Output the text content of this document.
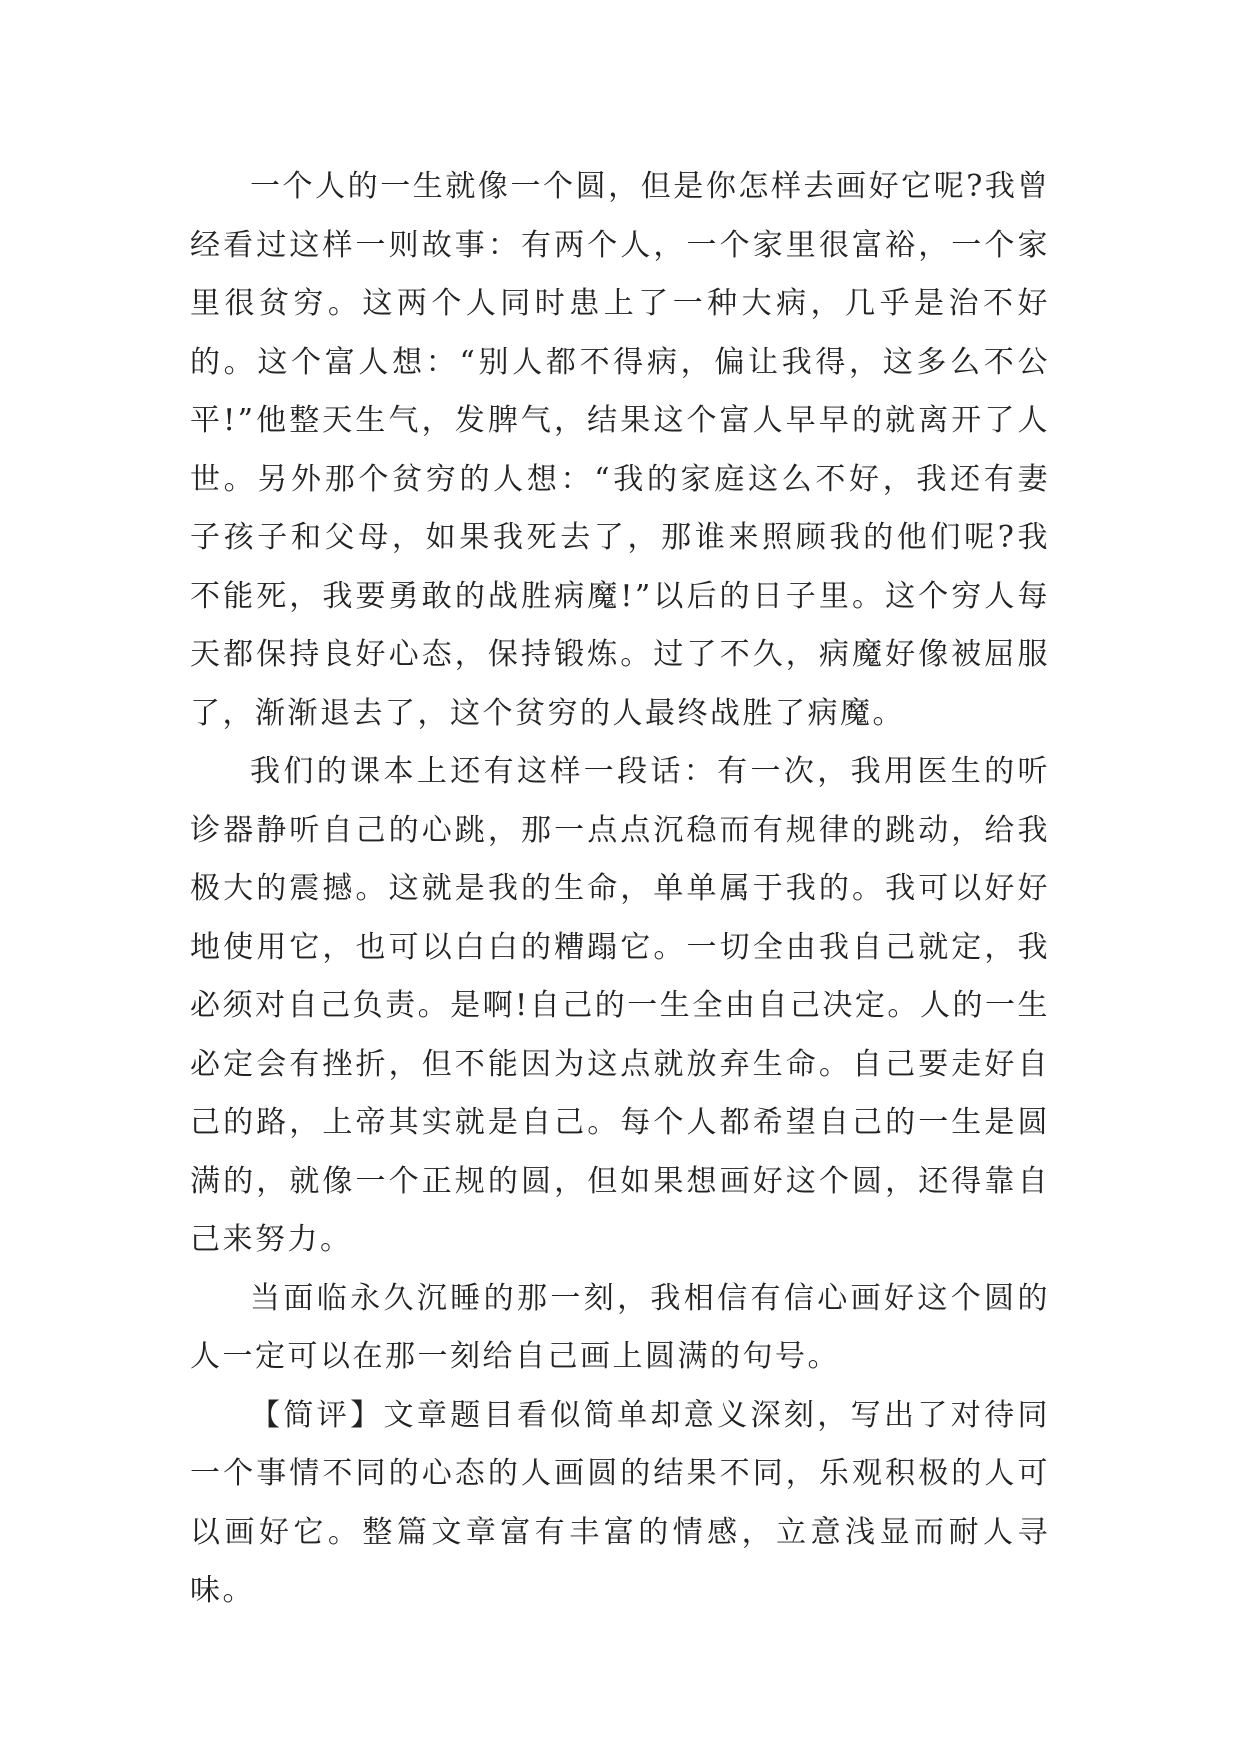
一个人的一生就像一个圆，但是你怎样去画好它呢?我曾经看过这样一则故事：有两个人，一个家里很富裕，一个家里很贫穷。这两个人同时患上了一种大病，几乎是治不好的。这个富人想：“别人都不得病，偏让我得，这多么不公平!”他整天生气，发脾气，结果这个富人早早的就离开了人世。另外那个贫穷的人想：“我的家庭这么不好，我还有妻子孩子和父母，如果我死去了，那谁来照顾我的他们呢?我不能死，我要勇敢的战胜病魔!”以后的日子里。这个穷人每天都保持良好心态，保持锻炼。过了不久，病魔好像被屈服了，渐渐退去了，这个贫穷的人最终战胜了病魔。

我们的课本上还有这样一段话：有一次，我用医生的听诊器静听自己的心跳，那一点点沉稳而有规律的跳动，给我极大的震撼。这就是我的生命，单单属于我的。我可以好好地使用它，也可以白白的糟蹋它。一切全由我自己就定，我必须对自己负责。是啊!自己的一生全由自己决定。人的一生必定会有挫折，但不能因为这点就放弃生命。自己要走好自己的路，上帝其实就是自己。每个人都希望自己的一生是圆满的，就像一个正规的圆，但如果想画好这个圆，还得靠自己来努力。

当面临永久沉睡的那一刻，我相信有信心画好这个圆的人一定可以在那一刻给自己画上圆满的句号。

【简评】文章题目看似简单却意义深刻，写出了对待同一个事情不同的心态的人画圆的结果不同，乐观积极的人可以画好它。整篇文章富有丰富的情感，立意浅显而耐人寻味。
